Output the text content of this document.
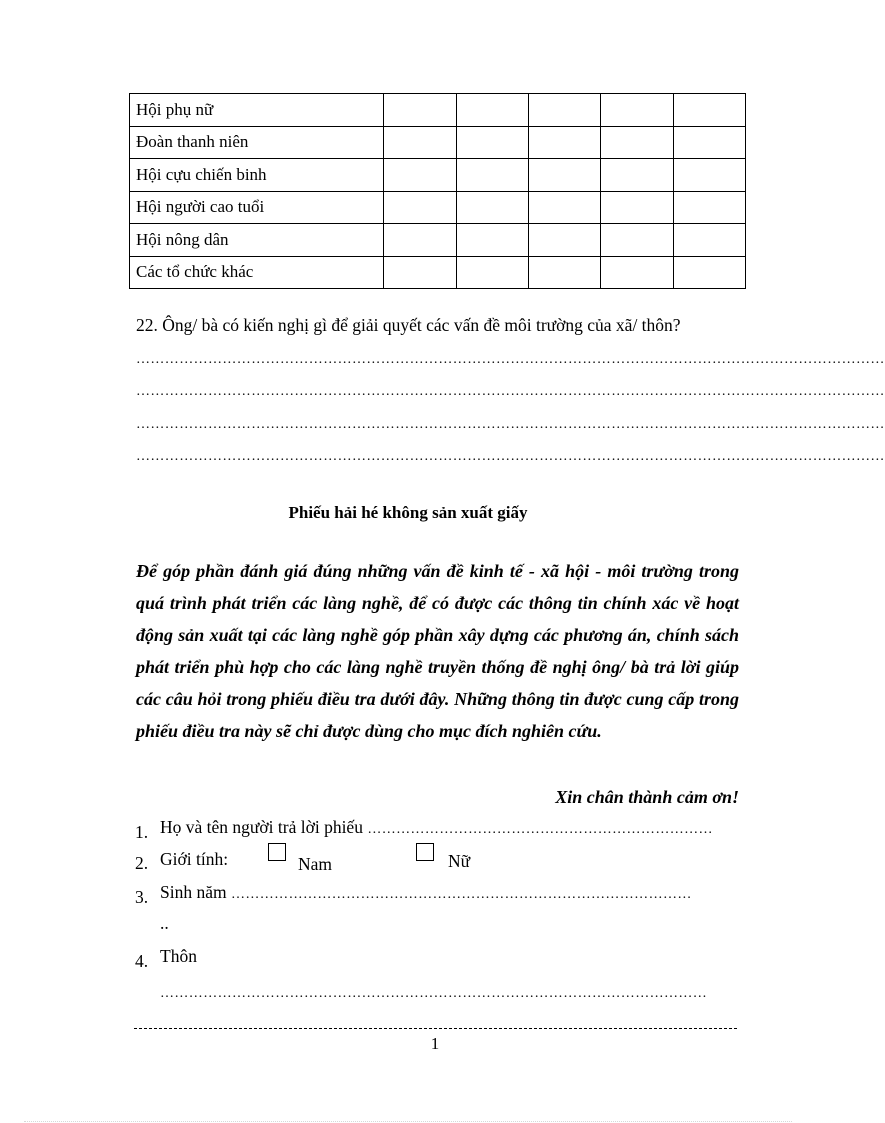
Hội phụ nữ					
Đoàn thanh niên					
Hội cựu chiến binh					
Hội người cao tuổi					
Hội nông dân					
Các tổ chức khác					
22. Ông/ bà có kiến nghị gì để giải quyết các vấn đề môi trường của xã/ thôn?
…………………………………………………………………………………………………………………………………………
…………………………………………………………………………………………………………………………………………
…………………………………………………………………………………………………………………………………………
…………………………………………………………………………………………………………………………………………
Phiếu hải hé không sản xuất giấy
Để góp phần đánh giá đúng những vấn đề kinh tế - xã hội - môi trường trong quá trình phát triển các làng nghề, để có được các thông tin chính xác về hoạt động sản xuất tại các làng nghề góp phần xây dựng các phương án, chính sách phát triển phù hợp cho các làng nghề truyền thống đề nghị ông/ bà trả lời giúp các câu hỏi trong phiếu điều tra dưới đây. Những thông tin được cung cấp trong phiếu điều tra này sẽ chỉ được dùng cho mục đích nghiên cứu.
Xin chân thành cảm ơn!
1. Họ và tên người trả lời phiếu ………………………………………………………………
2. Giới tính:	Nam	Nữ
3. Sinh năm ……………………………………………………………………………………
..
4. Thôn
……………………………………………………………………………………………………
1
